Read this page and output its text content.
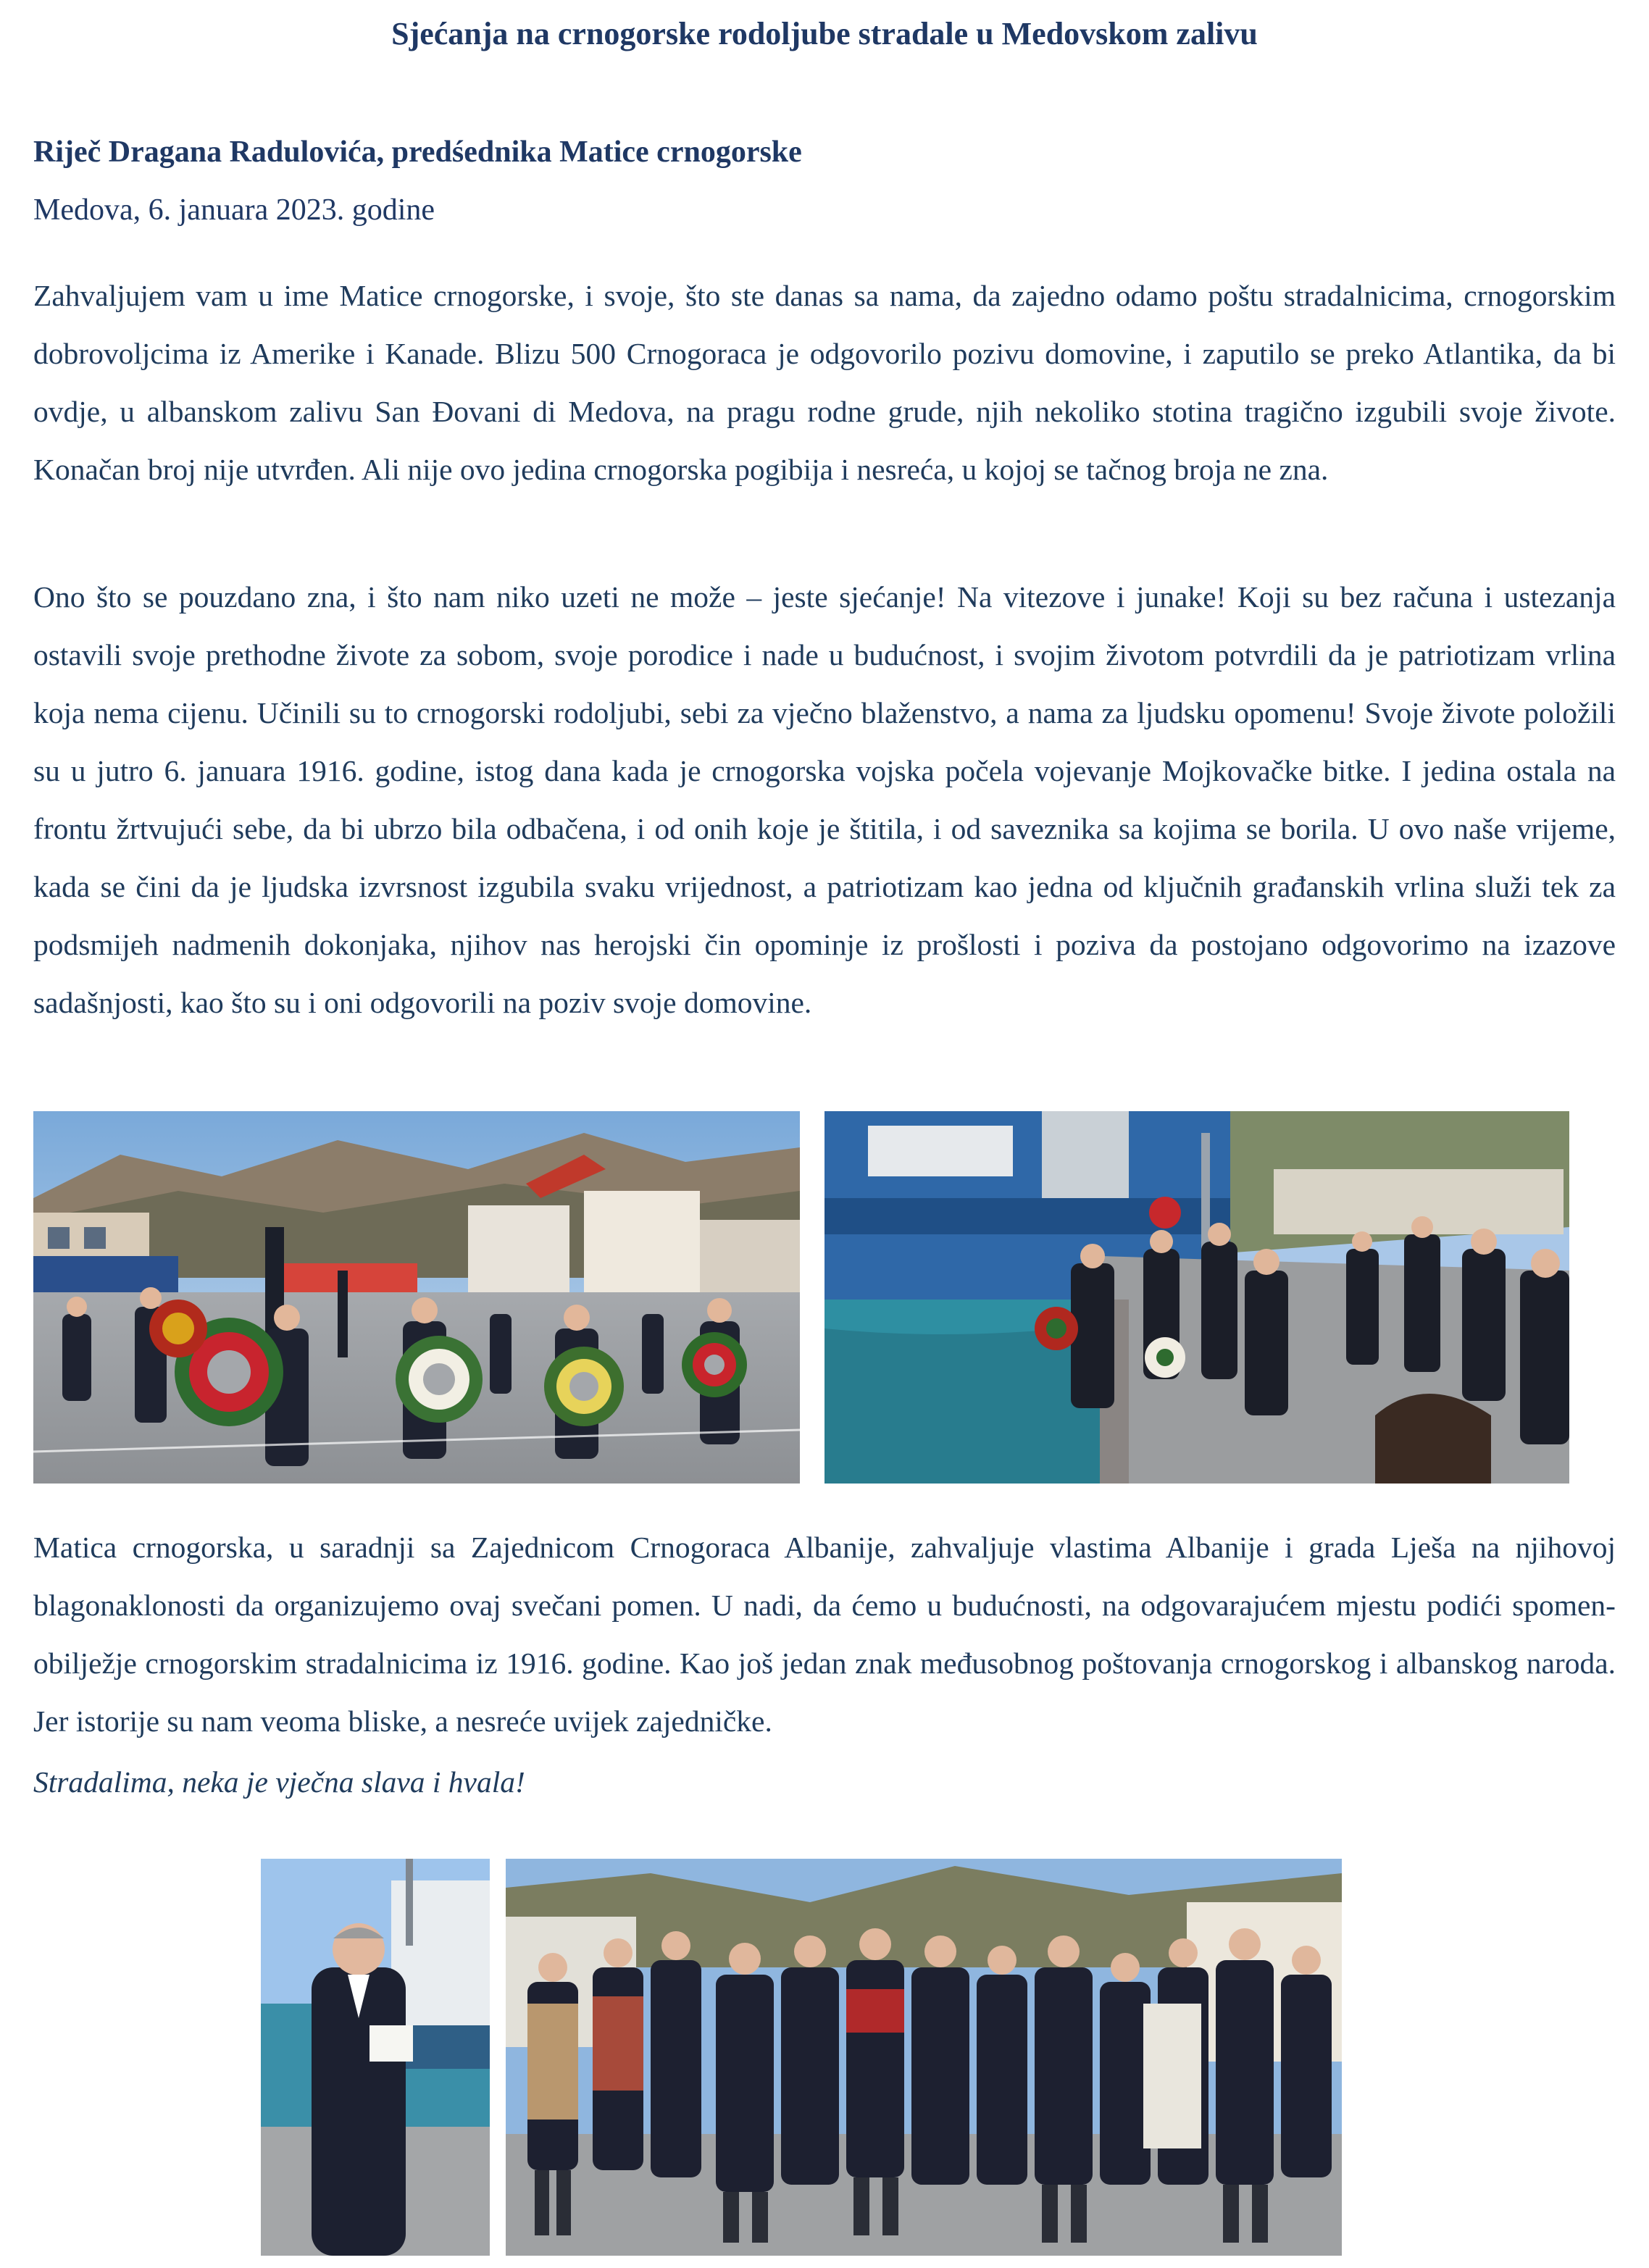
Sjećanja na crnogorske rodoljube stradale u Medovskom zalivu

Riječ Dragana Radulovića, predśednika Matice crnogorske

Medova, 6. januara 2023. godine

Zahvaljujem vam u ime Matice crnogorske, i svoje, što ste danas sa nama, da zajedno odamo poštu stradalnicima, crnogorskim dobrovoljcima iz Amerike i Kanade. Blizu 500 Crnogoraca je odgovorilo pozivu domovine, i zaputilo se preko Atlantika, da bi ovdje, u albanskom zalivu San Đovani di Medova, na pragu rodne grude, njih nekoliko stotina tragično izgubili svoje živote. Konačan broj nije utvrđen. Ali nije ovo jedina crnogorska pogibija i nesreća, u kojoj se tačnog broja ne zna.

Ono što se pouzdano zna, i što nam niko uzeti ne može – jeste sjećanje! Na vitezove i junake! Koji su bez računa i ustezanja ostavili svoje prethodne živote za sobom, svoje porodice i nade u budućnost, i svojim životom potvrdili da je patriotizam vrlina koja nema cijenu. Učinili su to crnogorski rodoljubi, sebi za vječno blaženstvo, a nama za ljudsku opomenu! Svoje živote položili su u jutro 6. januara 1916. godine, istog dana kada je crnogorska vojska počela vojevanje Mojkovačke bitke. I jedina ostala na frontu žrtvujući sebe, da bi ubrzo bila odbačena, i od onih koje je štitila, i od saveznika sa kojima se borila. U ovo naše vrijeme, kada se čini da je ljudska izvrsnost izgubila svaku vrijednost, a patriotizam kao jedna od ključnih građanskih vrlina služi tek za podsmijeh nadmenih dokonjaka, njihov nas herojski čin opominje iz prošlosti i poziva da postojano odgovorimo na izazove sadašnjosti, kao što su i oni odgovorili na poziv svoje domovine.

Matica crnogorska, u saradnji sa Zajednicom Crnogoraca Albanije, zahvaljuje vlastima Albanije i grada Lješa na njihovoj blagonaklonosti da organizujemo ovaj svečani pomen. U nadi, da ćemo u budućnosti, na odgovarajućem mjestu podići spomen-obilježje crnogorskim stradalnicima iz 1916. godine. Kao još jedan znak međusobnog poštovanja crnogorskog i albanskog naroda. Jer istorije su nam veoma bliske, a nesreće uvijek zajedničke.

Stradalima, neka je vječna slava i hvala!
